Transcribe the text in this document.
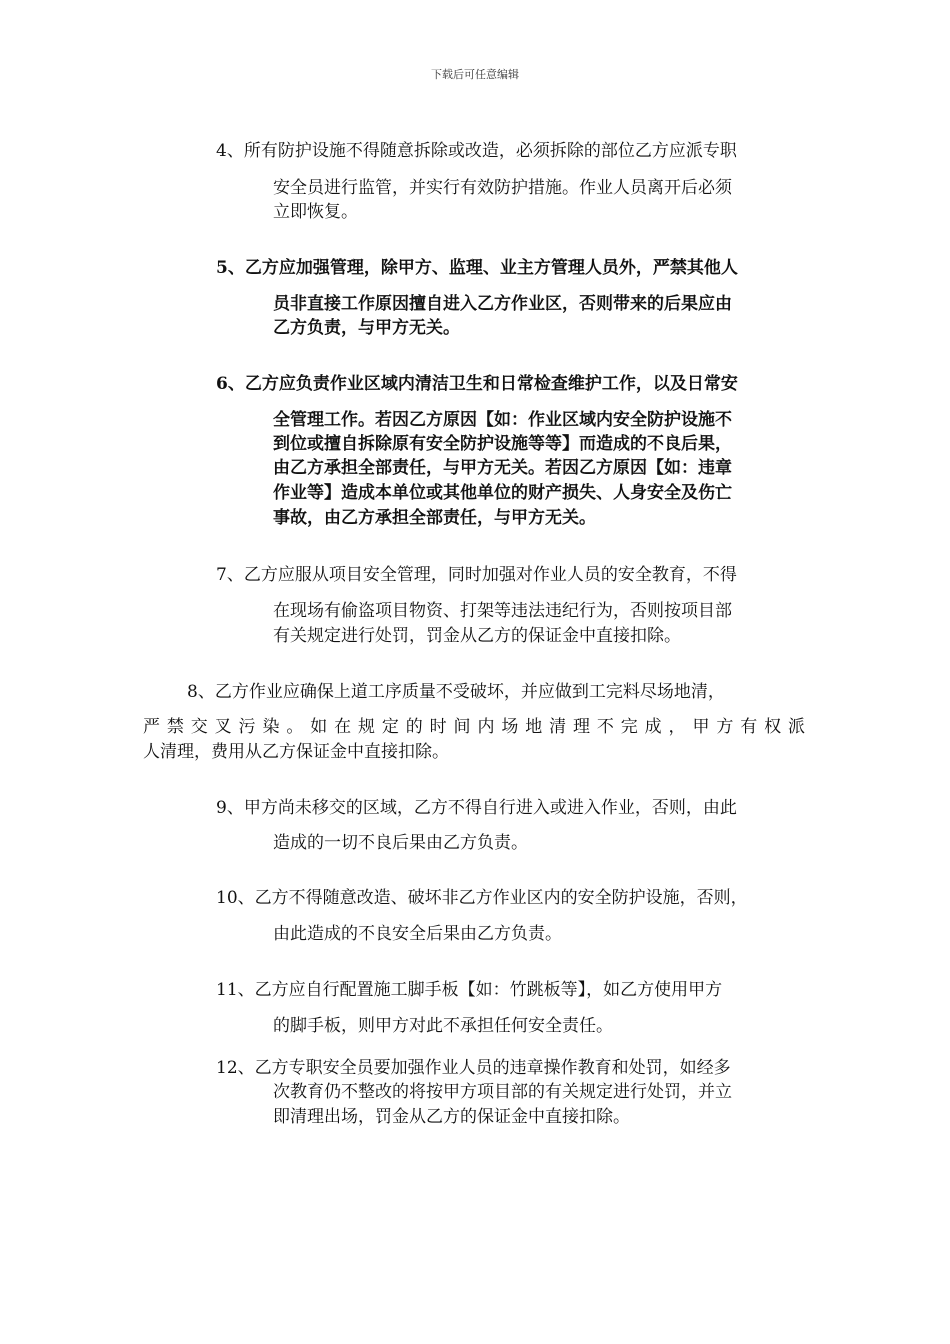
下载后可任意编辑
4、所有防护设施不得随意拆除或改造，必须拆除的部位乙方应派专职
安全员进行监管，并实行有效防护措施。作业人员离开后必须
立即恢复。
5、乙方应加强管理，除甲方、监理、业主方管理人员外，严禁其他人
员非直接工作原因擅自进入乙方作业区，否则带来的后果应由
乙方负责，与甲方无关。
6、乙方应负责作业区域内清洁卫生和日常检查维护工作，以及日常安
全管理工作。若因乙方原因【如：作业区域内安全防护设施不
到位或擅自拆除原有安全防护设施等等】而造成的不良后果，
由乙方承担全部责任，与甲方无关。若因乙方原因【如：违章
作业等】造成本单位或其他单位的财产损失、人身安全及伤亡
事故，由乙方承担全部责任，与甲方无关。
7、乙方应服从项目安全管理，同时加强对作业人员的安全教育，不得
在现场有偷盗项目物资、打架等违法违纪行为，否则按项目部
有关规定进行处罚，罚金从乙方的保证金中直接扣除。
8、乙方作业应确保上道工序质量不受破坏，并应做到工完料尽场地清，
严禁交叉污染。如在规定的时间内场地清理不完成，甲方有权派
人清理，费用从乙方保证金中直接扣除。
9、甲方尚未移交的区域，乙方不得自行进入或进入作业，否则，由此
造成的一切不良后果由乙方负责。
10、乙方不得随意改造、破坏非乙方作业区内的安全防护设施，否则，
由此造成的不良安全后果由乙方负责。
11、乙方应自行配置施工脚手板【如：竹跳板等】，如乙方使用甲方
的脚手板，则甲方对此不承担任何安全责任。
12、乙方专职安全员要加强作业人员的违章操作教育和处罚，如经多
次教育仍不整改的将按甲方项目部的有关规定进行处罚，并立
即清理出场，罚金从乙方的保证金中直接扣除。
